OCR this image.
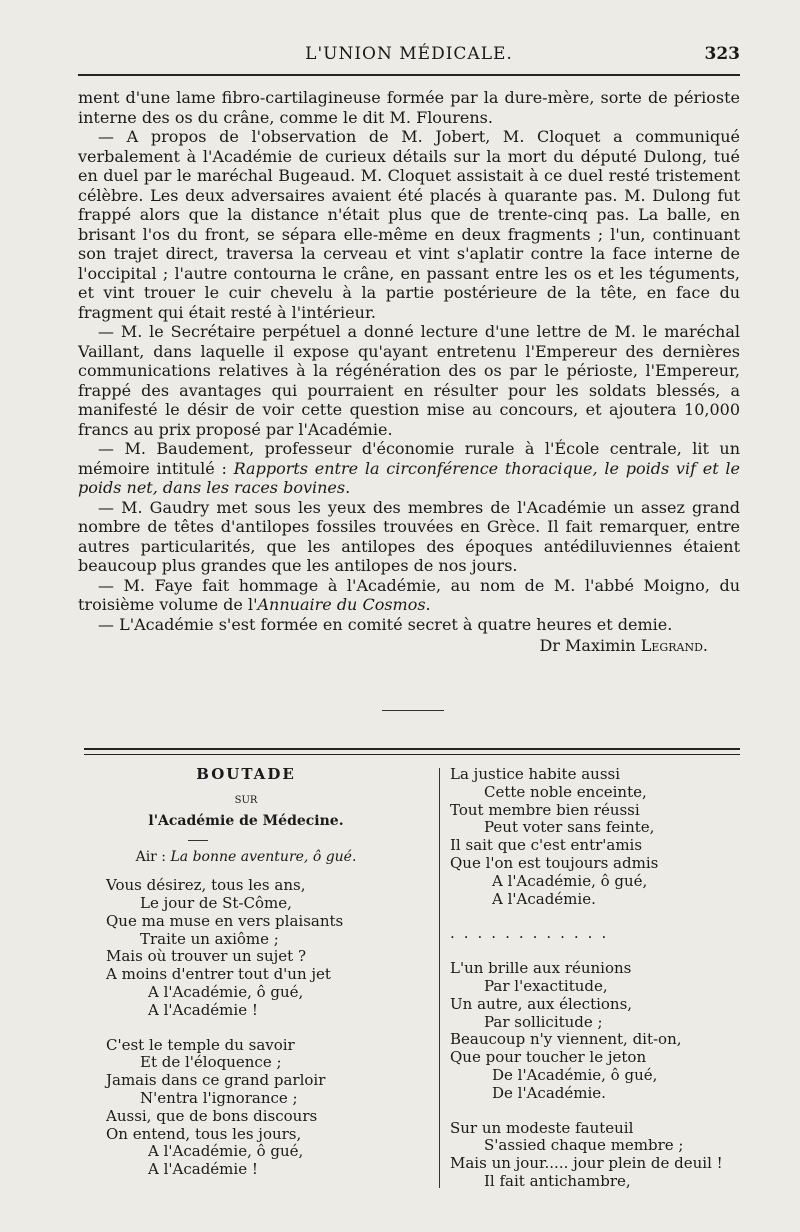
L'UNION MÉDICALE.	323

ment d'une lame fibro-cartilagineuse formée par la dure-mère, sorte de périoste interne des os du crâne, comme le dit M. Flourens.

— A propos de l'observation de M. Jobert, M. Cloquet a communiqué verbalement à l'Académie de curieux détails sur la mort du député Dulong, tué en duel par le maréchal Bugeaud. M. Cloquet assistait à ce duel resté tristement célèbre. Les deux adversaires avaient été placés à quarante pas. M. Dulong fut frappé alors que la distance n'était plus que de trente-cinq pas. La balle, en brisant l'os du front, se sépara elle-même en deux fragments ; l'un, continuant son trajet direct, traversa la cerveau et vint s'aplatir contre la face interne de l'occipital ; l'autre contourna le crâne, en passant entre les os et les téguments, et vint trouer le cuir chevelu à la partie postérieure de la tête, en face du fragment qui était resté à l'intérieur.

— M. le Secrétaire perpétuel a donné lecture d'une lettre de M. le maréchal Vaillant, dans laquelle il expose qu'ayant entretenu l'Empereur des dernières communications relatives à la régénération des os par le périoste, l'Empereur, frappé des avantages qui pourraient en résulter pour les soldats blessés, a manifesté le désir de voir cette question mise au concours, et ajoutera 10,000 francs au prix proposé par l'Académie.

— M. Baudement, professeur d'économie rurale à l'École centrale, lit un mémoire intitulé : Rapports entre la circonférence thoracique, le poids vif et le poids net, dans les races bovines.

— M. Gaudry met sous les yeux des membres de l'Académie un assez grand nombre de têtes d'antilopes fossiles trouvées en Grèce. Il fait remarquer, entre autres particularités, que les antilopes des époques antédiluviennes étaient beaucoup plus grandes que les antilopes de nos jours.

— M. Faye fait hommage à l'Académie, au nom de M. l'abbé Moigno, du troisième volume de l'Annuaire du Cosmos.

— L'Académie s'est formée en comité secret à quatre heures et demie.

Dr Maximin Legrand.
BOUTADE
SUR
l'Académie de Médecine.
Air : La bonne aventure, ô gué.
Vous désirez, tous les ans,
Le jour de St-Côme,
Que ma muse en vers plaisants
Traite un axiôme ;
Mais où trouver un sujet ?
A moins d'entrer tout d'un jet
A l'Académie, ô gué,
A l'Académie !
C'est le temple du savoir
Et de l'éloquence ;
Jamais dans ce grand parloir
N'entra l'ignorance ;
Aussi, que de bons discours
On entend, tous les jours,
A l'Académie, ô gué,
A l'Académie !
La justice habite aussi
Cette noble enceinte,
Tout membre bien réussi
Peut voter sans feinte,
Il sait que c'est entr'amis
Que l'on est toujours admis
A l'Académie, ô gué,
A l'Académie.
............
L'un brille aux réunions
Par l'exactitude,
Un autre, aux élections,
Par sollicitude ;
Beaucoup n'y viennent, dit-on,
Que pour toucher le jeton
De l'Académie, ô gué,
De l'Académie.
Sur un modeste fauteuil
S'assied chaque membre ;
Mais un jour..... jour plein de deuil !
Il fait antichambre,
